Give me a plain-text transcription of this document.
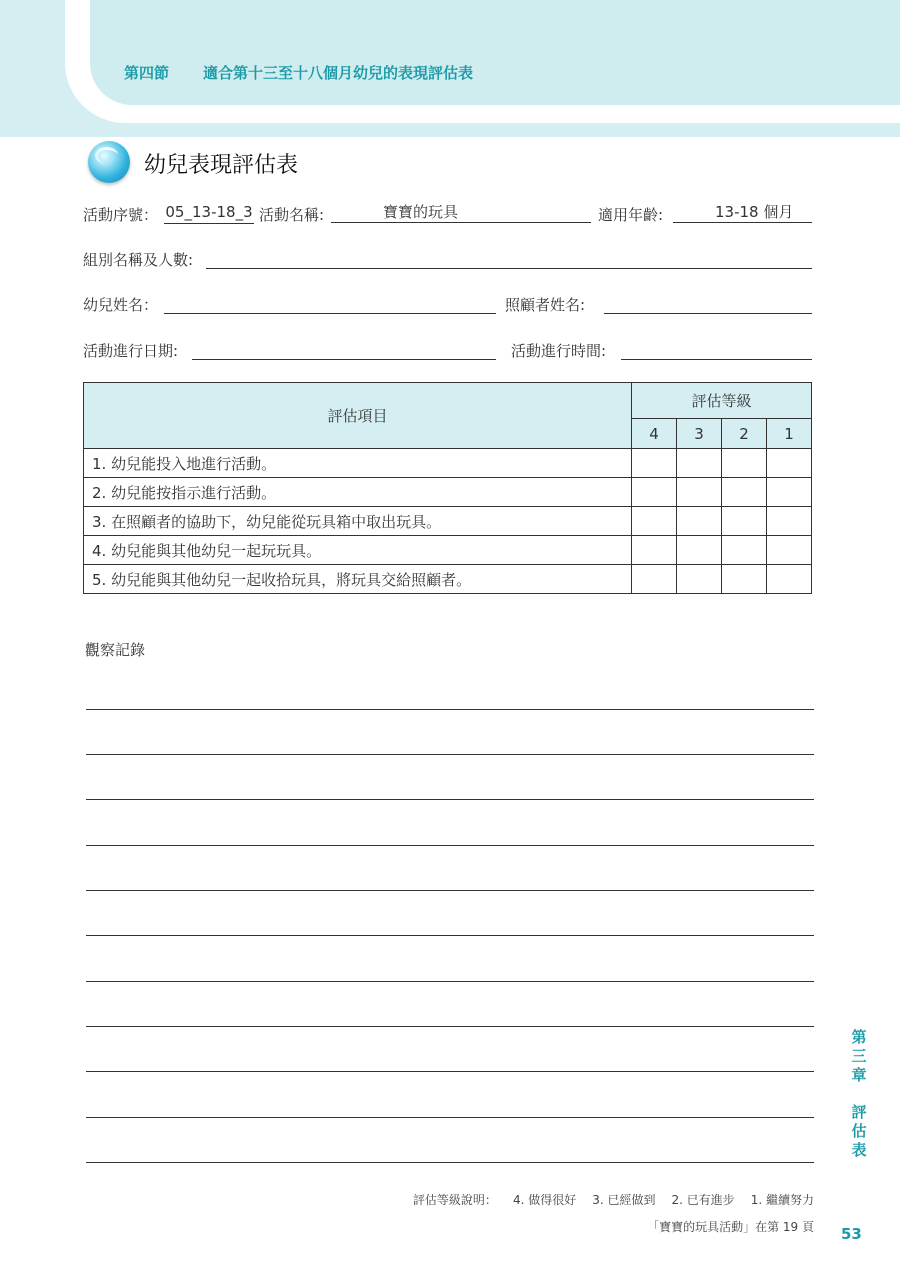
第四節 適合第十三至十八個月幼兒的表現評估表
幼兒表現評估表
活動序號： 05_13-18_3 活動名稱:	寶寶的玩具	適用年齡:	13-18 個月
組別名稱及人數:
幼兒姓名：	照顧者姓名:
活動進行日期:	活動進行時間:
評估項目	評估等級			
	4	3	2	1
1. 幼兒能投入地進行活動。				
2. 幼兒能按指示進行活動。				
3. 在照顧者的協助下，幼兒能從玩具箱中取出玩具。				
4. 幼兒能與其他幼兒一起玩玩具。				
5. 幼兒能與其他幼兒一起收拾玩具，將玩具交給照顧者。				
觀察記錄
第
三
章
評
估
表
評估等級說明： 4. 做得很好 3. 已經做到 2. 已有進步 1. 繼續努力
「寶寶的玩具活動」在第 19 頁 53
